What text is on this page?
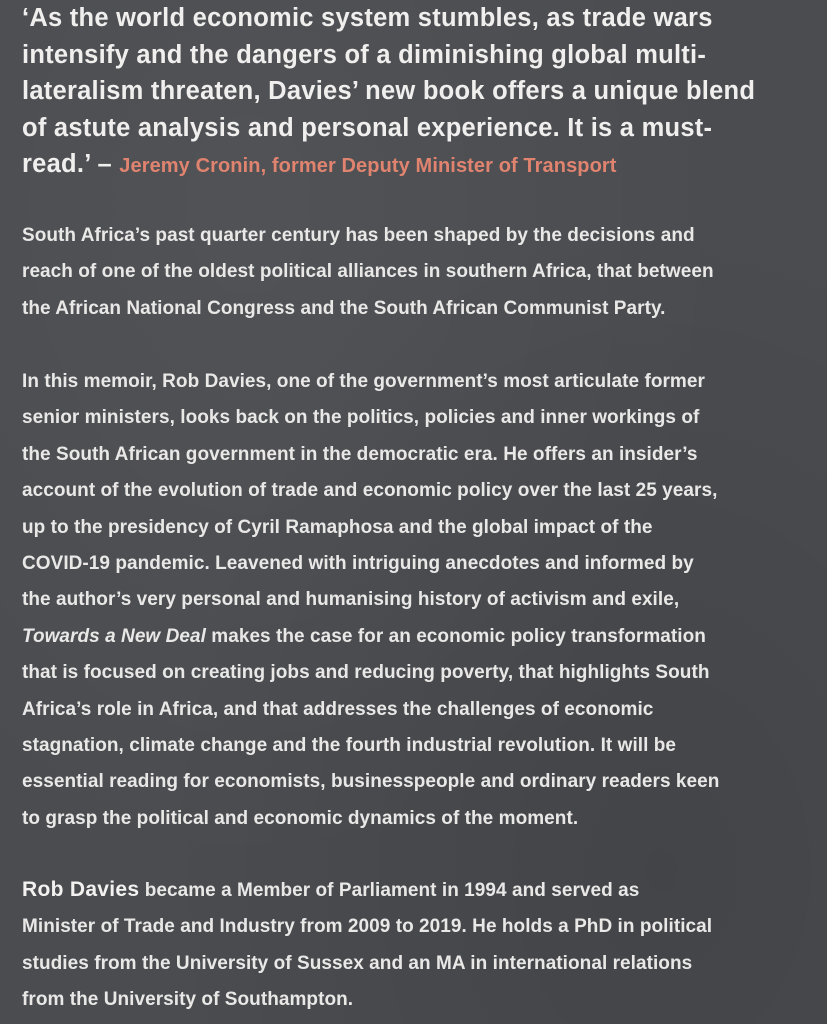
‘As the world economic system stumbles, as trade wars
intensify and the dangers of a diminishing global multi-
lateralism threaten, Davies’ new book offers a unique blend
of astute analysis and personal experience. It is a must-
read.’ – Jeremy Cronin, former Deputy Minister of Transport
South Africa’s past quarter century has been shaped by the decisions and
reach of one of the oldest political alliances in southern Africa, that between
the African National Congress and the South African Communist Party.
In this memoir, Rob Davies, one of the government’s most articulate former
senior ministers, looks back on the politics, policies and inner workings of
the South African government in the democratic era. He offers an insider’s
account of the evolution of trade and economic policy over the last 25 years,
up to the presidency of Cyril Ramaphosa and the global impact of the
COVID-19 pandemic. Leavened with intriguing anecdotes and informed by
the author’s very personal and humanising history of activism and exile,
Towards a New Deal makes the case for an economic policy transformation
that is focused on creating jobs and reducing poverty, that highlights South
Africa’s role in Africa, and that addresses the challenges of economic
stagnation, climate change and the fourth industrial revolution. It will be
essential reading for economists, businesspeople and ordinary readers keen
to grasp the political and economic dynamics of the moment.
Rob Davies became a Member of Parliament in 1994 and served as
Minister of Trade and Industry from 2009 to 2019. He holds a PhD in political
studies from the University of Sussex and an MA in international relations
from the University of Southampton.
